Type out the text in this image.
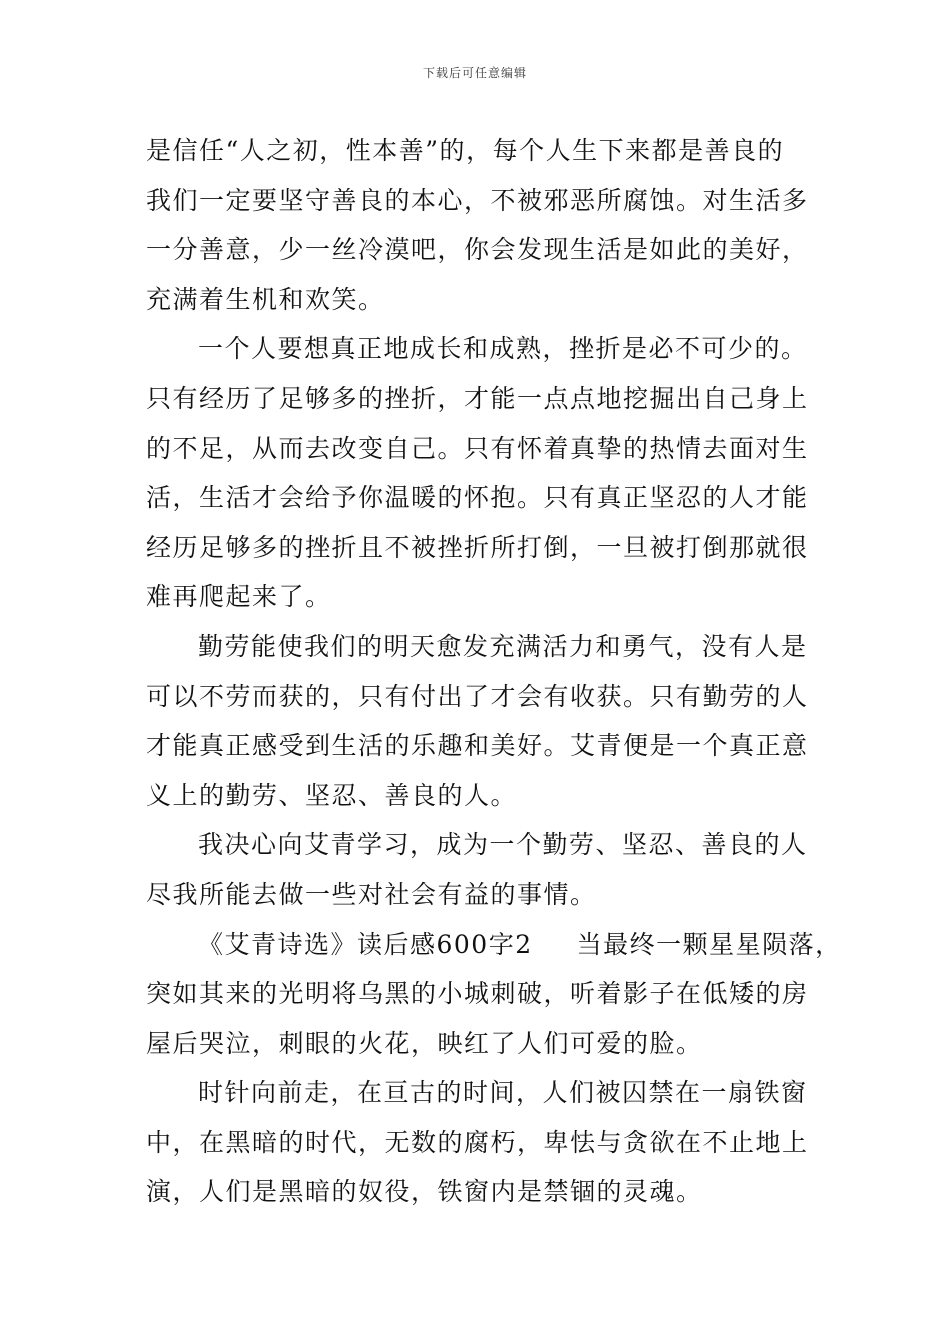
下载后可任意编辑
是信任“人之初，性本善”的，每个人生下来都是善良的
我们一定要坚守善良的本心，不被邪恶所腐蚀。对生活多
一分善意，少一丝冷漠吧，你会发现生活是如此的美好，
充满着生机和欢笑。
一个人要想真正地成长和成熟，挫折是必不可少的。
只有经历了足够多的挫折，才能一点点地挖掘出自己身上
的不足，从而去改变自己。只有怀着真挚的热情去面对生
活，生活才会给予你温暖的怀抱。只有真正坚忍的人才能
经历足够多的挫折且不被挫折所打倒，一旦被打倒那就很
难再爬起来了。
勤劳能使我们的明天愈发充满活力和勇气，没有人是
可以不劳而获的，只有付出了才会有收获。只有勤劳的人
才能真正感受到生活的乐趣和美好。艾青便是一个真正意
义上的勤劳、坚忍、善良的人。
我决心向艾青学习，成为一个勤劳、坚忍、善良的人
尽我所能去做一些对社会有益的事情。
《艾青诗选》读后感600字2 当最终一颗星星陨落，
突如其来的光明将乌黑的小城刺破，听着影子在低矮的房
屋后哭泣，刺眼的火花，映红了人们可爱的脸。
时针向前走，在亘古的时间，人们被囚禁在一扇铁窗
中，在黑暗的时代，无数的腐朽，卑怯与贪欲在不止地上
演，人们是黑暗的奴役，铁窗内是禁锢的灵魂。
